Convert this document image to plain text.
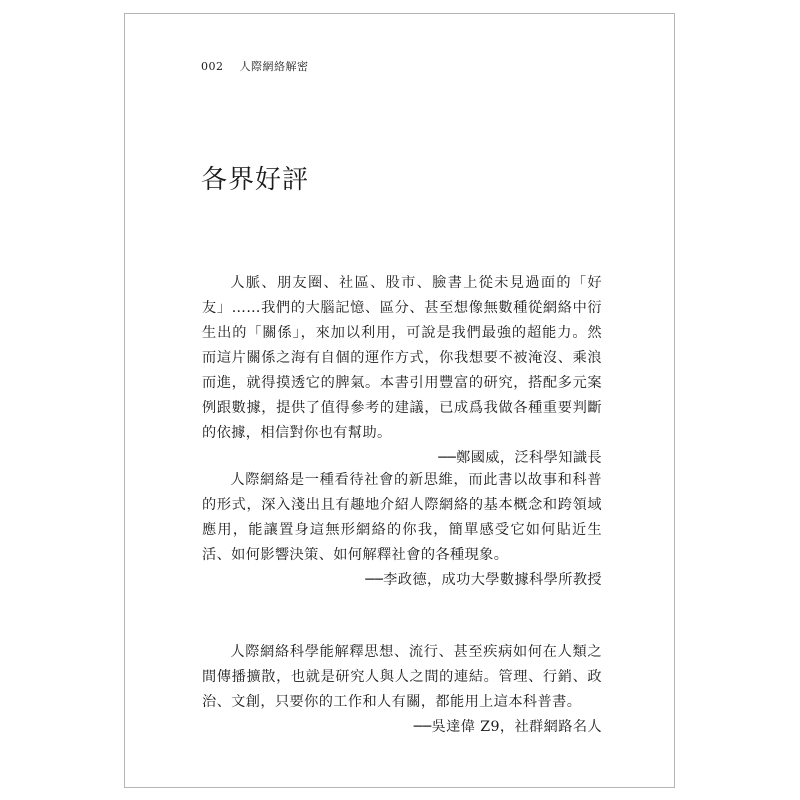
002 人際網絡解密
各界好評

人脈、朋友圈、社區、股市、臉書上從未見過面的「好友」……我們的大腦記憶、區分、甚至想像無數種從網絡中衍生出的「關係」，來加以利用，可說是我們最強的超能力。然而這片關係之海有自個的運作方式，你我想要不被淹沒、乘浪而進，就得摸透它的脾氣。本書引用豐富的研究，搭配多元案例跟數據，提供了值得參考的建議，已成爲我做各種重要判斷的依據，相信對你也有幫助。

──鄭國威，泛科學知識長

人際網絡是一種看待社會的新思維，而此書以故事和科普的形式，深入淺出且有趣地介紹人際網絡的基本概念和跨領域應用，能讓置身這無形網絡的你我，簡單感受它如何貼近生活、如何影響決策、如何解釋社會的各種現象。

──李政德，成功大學數據科學所教授

人際網絡科學能解釋思想、流行、甚至疾病如何在人類之間傳播擴散，也就是研究人與人之間的連結。管理、行銷、政治、文創，只要你的工作和人有關，都能用上這本科普書。

──吳達偉 Z9，社群網路名人
